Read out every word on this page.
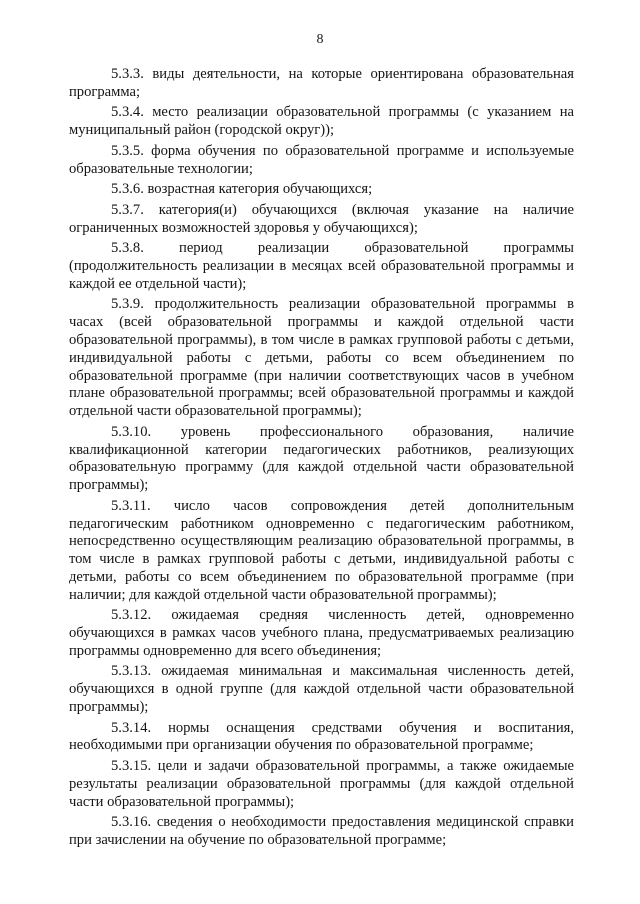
8

5.3.3. виды деятельности, на которые ориентирована образовательная программа;

5.3.4. место реализации образовательной программы (с указанием на муниципальный район (городской округ));

5.3.5. форма обучения по образовательной программе и используемые образовательные технологии;

5.3.6. возрастная категория обучающихся;

5.3.7. категория(и) обучающихся (включая указание на наличие ограниченных возможностей здоровья у обучающихся);

5.3.8. период реализации образовательной программы (продолжительность реализации в месяцах всей образовательной программы и каждой ее отдельной части);

5.3.9. продолжительность реализации образовательной программы в часах (всей образовательной программы и каждой отдельной части образовательной программы), в том числе в рамках групповой работы с детьми, индивидуальной работы с детьми, работы со всем объединением по образовательной программе (при наличии соответствующих часов в учебном плане образовательной программы; всей образовательной программы и каждой отдельной части образовательной программы);

5.3.10. уровень профессионального образования, наличие квалификационной категории педагогических работников, реализующих образовательную программу (для каждой отдельной части образовательной программы);

5.3.11. число часов сопровождения детей дополнительным педагогическим работником одновременно с педагогическим работником, непосредственно осуществляющим реализацию образовательной программы, в том числе в рамках групповой работы с детьми, индивидуальной работы с детьми, работы со всем объединением по образовательной программе (при наличии; для каждой отдельной части образовательной программы);

5.3.12. ожидаемая средняя численность детей, одновременно обучающихся в рамках часов учебного плана, предусматриваемых реализацию программы одновременно для всего объединения;

5.3.13. ожидаемая минимальная и максимальная численность детей, обучающихся в одной группе (для каждой отдельной части образовательной программы);

5.3.14. нормы оснащения средствами обучения и воспитания, необходимыми при организации обучения по образовательной программе;

5.3.15. цели и задачи образовательной программы, а также ожидаемые результаты реализации образовательной программы (для каждой отдельной части образовательной программы);

5.3.16. сведения о необходимости предоставления медицинской справки при зачислении на обучение по образовательной программе;
